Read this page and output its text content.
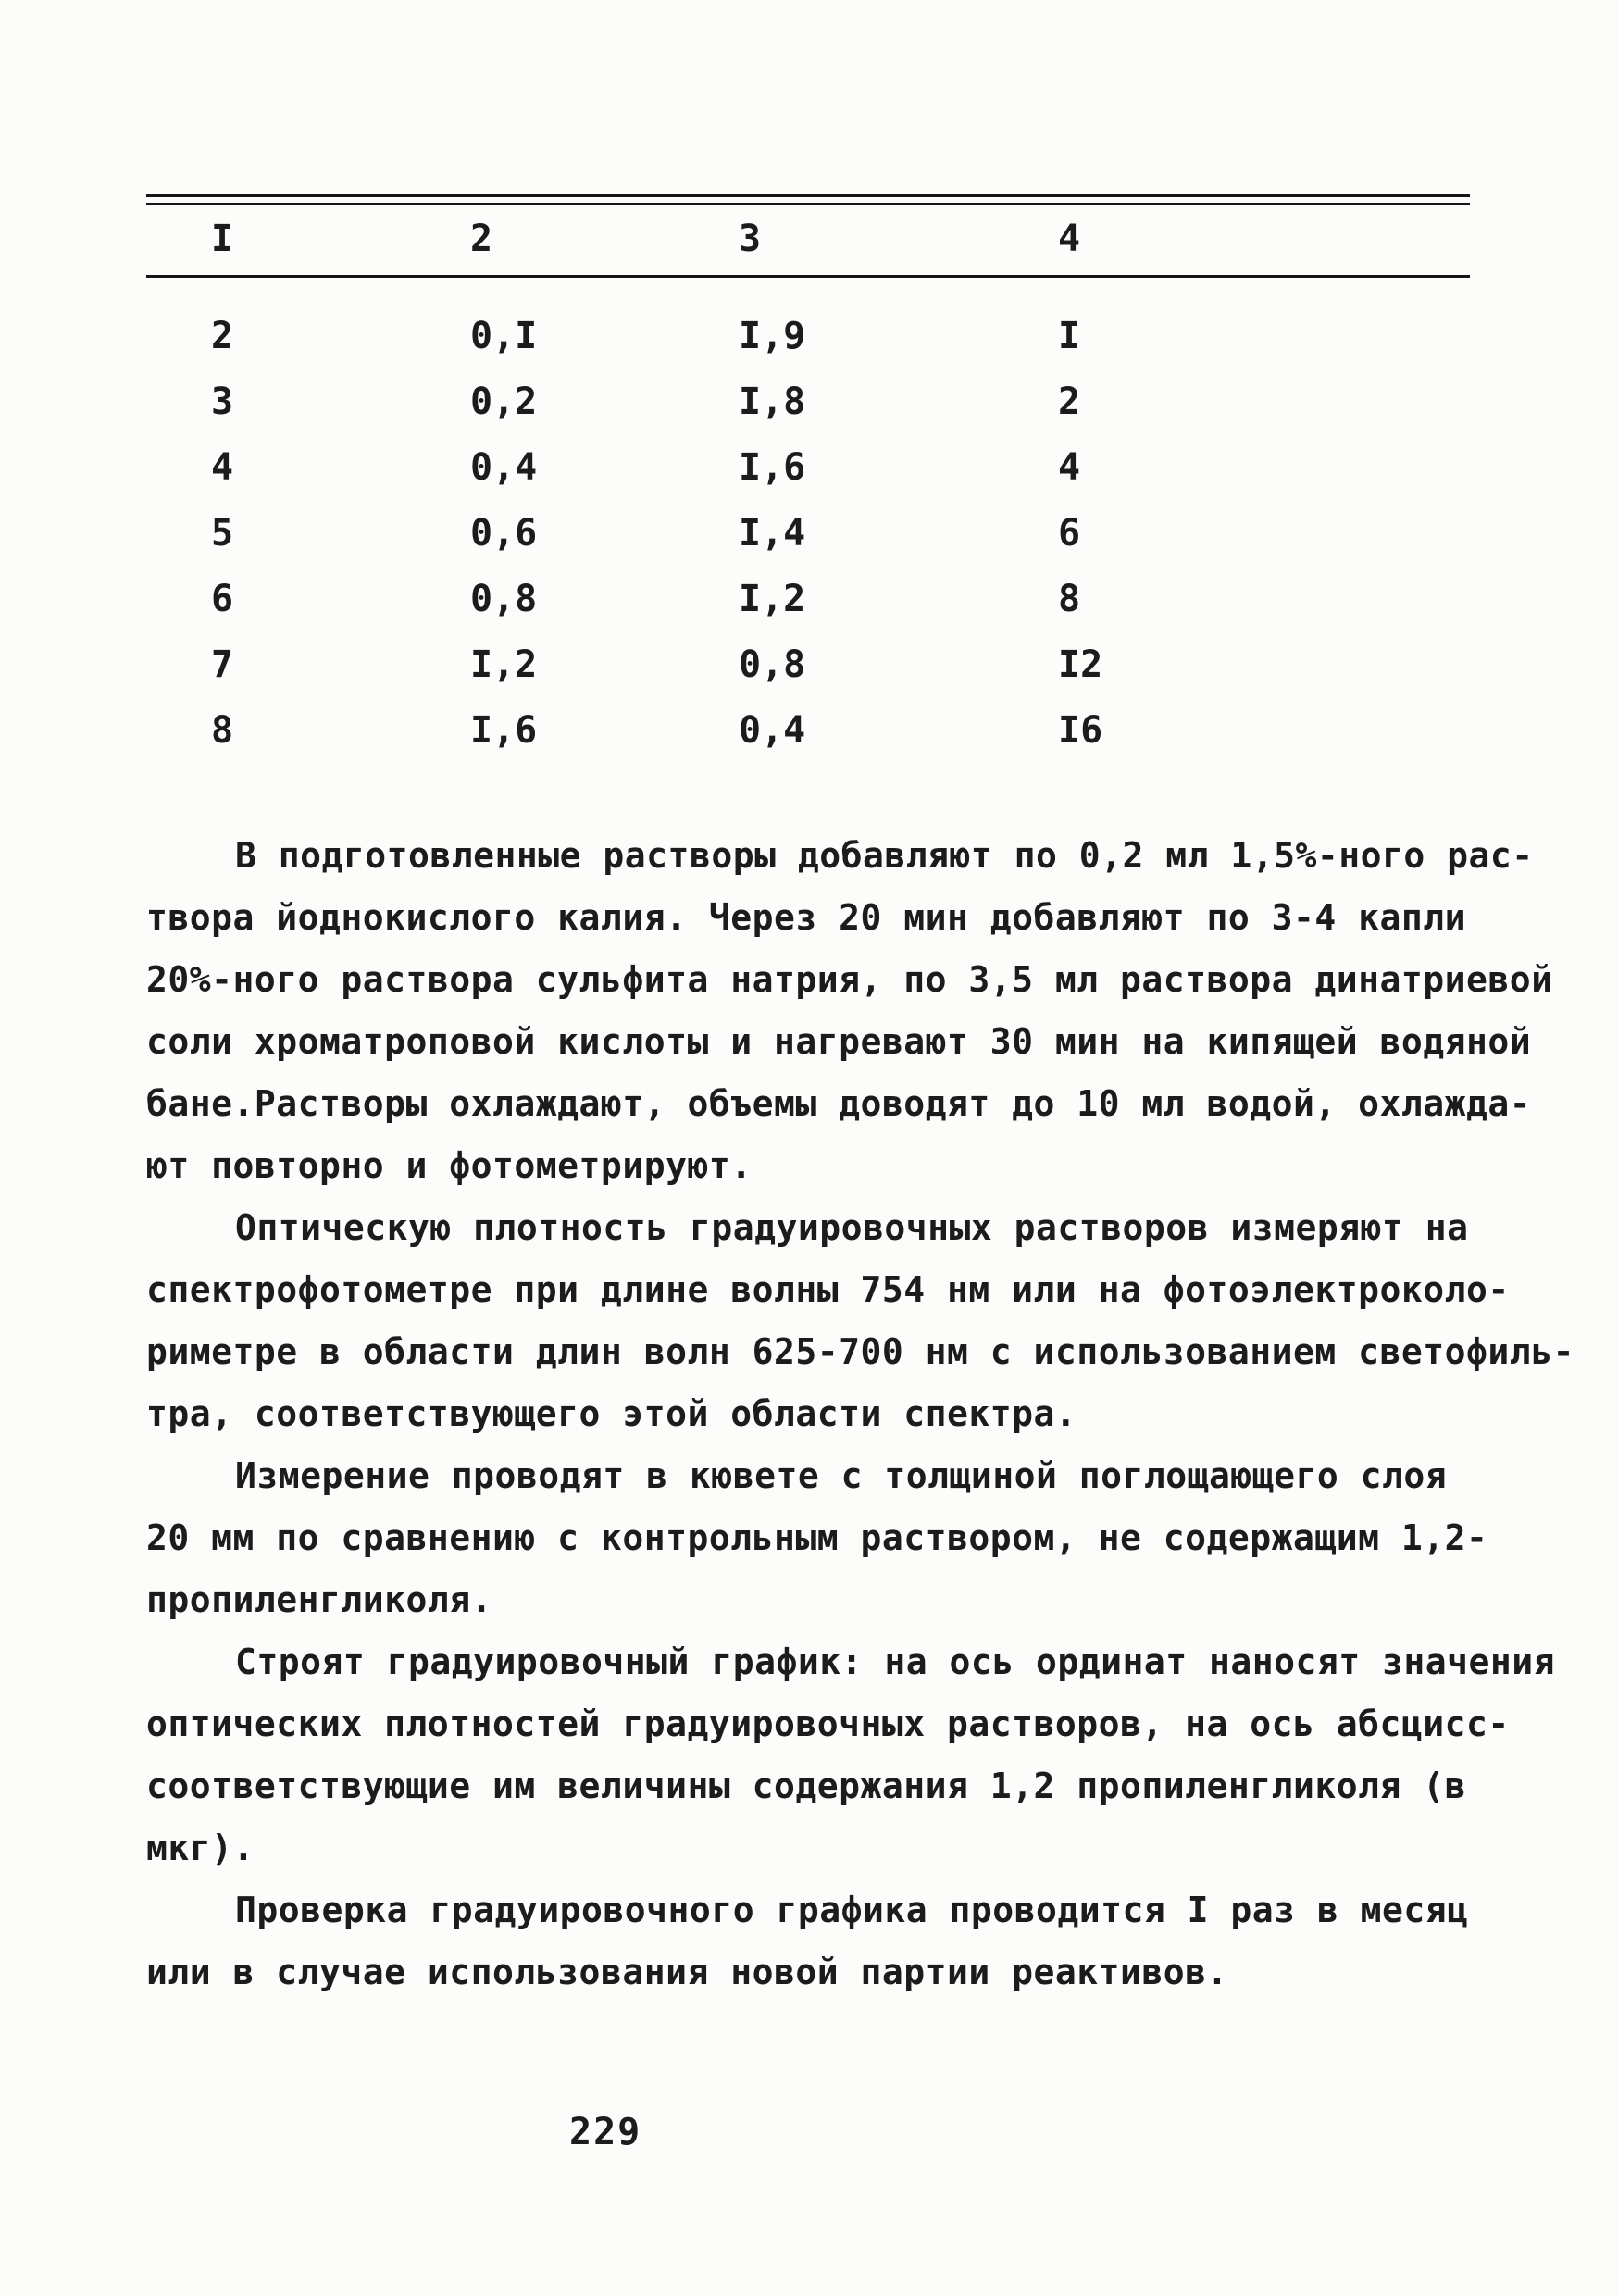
I	2	3	4
2	0,I	I,9	I
3	0,2	I,8	2
4	0,4	I,6	4
5	0,6	I,4	6
6	0,8	I,2	8
7	I,2	0,8	I2
8	I,6	0,4	I6
В подготовленные растворы добавляют по 0,2 мл 1,5%-ного рас-
твора йоднокислого калия. Через 20 мин добавляют по 3-4 капли
20%-ного раствора сульфита натрия, по 3,5 мл раствора динатриевой
соли хроматроповой кислоты и нагревают 30 мин на кипящей водяной
бане.Растворы охлаждают, объемы доводят до 10 мл водой, охлажда-
ют повторно и фотометрируют.
Оптическую плотность градуировочных растворов измеряют на
спектрофотометре при длине волны 754 нм или на фотоэлектроколо-
риметре в области длин волн 625-700 нм с использованием светофиль-
тра, соответствующего этой области спектра.
Измерение проводят в кювете с толщиной поглощающего слоя
20 мм по сравнению с контрольным раствором, не содержащим 1,2-
пропиленгликоля.
Строят градуировочный график: на ось ординат наносят значения
оптических плотностей градуировочных растворов, на ось абсцисс-
соответствующие им величины содержания 1,2 пропиленгликоля (в
мкг).
Проверка градуировочного графика проводится I раз в месяц
или в случае использования новой партии реактивов.
229
